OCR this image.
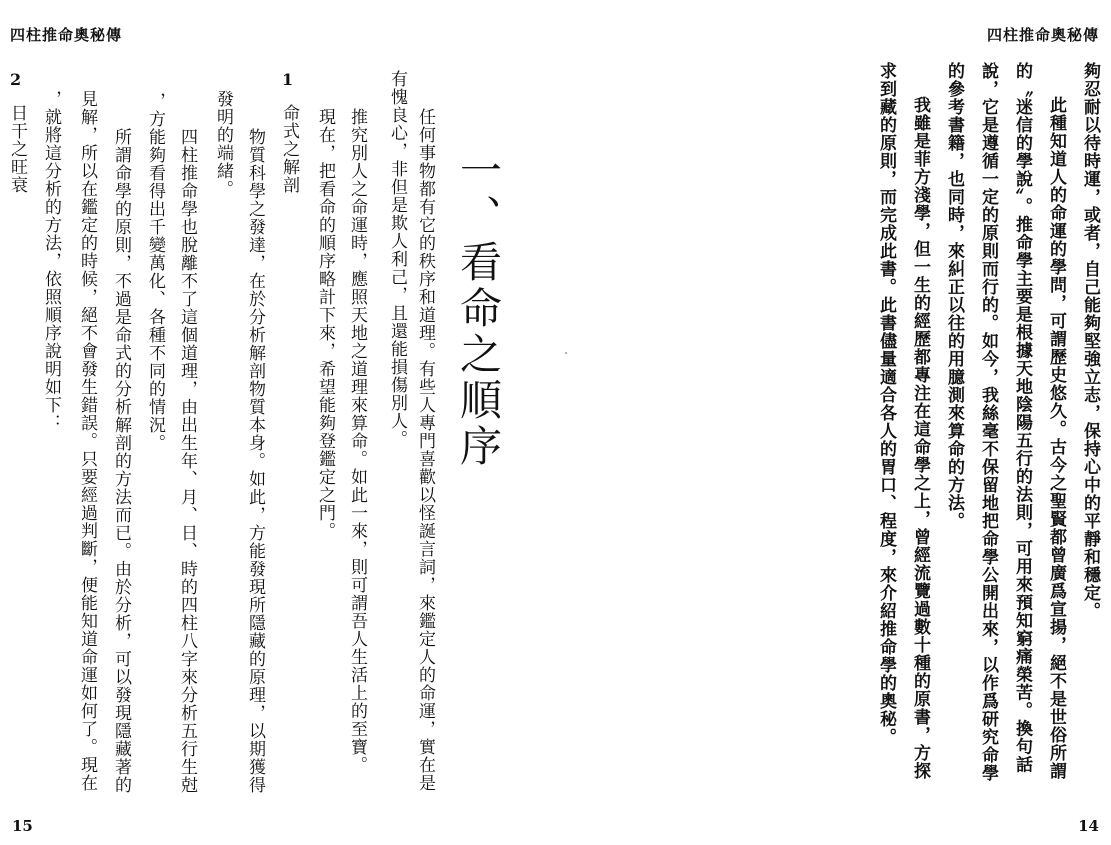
四柱推命奧秘傳
任何事物都有它的秩序和道理。有些人專門喜歡以怪誕言詞，來鑑定人的命運，實在是
有愧良心，非但是欺人利己，且還能損傷別人。
推究別人之命運時，應照天地之道理來算命。如此一來，則可謂吾人生活上的至寶。
現在，把看命的順序略計下來，希望能夠登鑑定之門。	一、看命之順序
1
命式之解剖
物質科學之發達，在於分析解剖物質本身。如此，方能發現所隱藏的原理，以期獲得
發明的端緒。
四柱推命學也脫離不了這個道理，由出生年、月、日、時的四柱八字來分析五行生尅
，方能夠看得出千變萬化、各種不同的情況。
所謂命學的原則，不過是命式的分析解剖的方法而已。由於分析，可以發現隱藏著的
見解，所以在鑑定的時候，絕不會發生錯誤。只要經過判斷，便能知道命運如何了。現在
，就將這分析的方法，依照順序說明如下：
2
日干之旺衰
15
四柱推命奧秘傳
夠忍耐以待時運，或者，自己能夠堅強立志，保持心中的平靜和穩定。
此種知道人的命運的學問，可謂歷史悠久。古今之聖賢都曾廣爲宣揚，絕不是世俗所謂
的〝迷信的學說〞。推命學主要是根據天地陰陽五行的法則，可用來預知窮痛榮苦。換句話
說，它是遵循一定的原則而行的。如今，我絲毫不保留地把命學公開出來，以作爲研究命學
的參考書籍，也同時，來糾正以往的用臆測來算命的方法。
我雖是菲方淺學，但一生的經歷都專注在這命學之上，曾經流覽過數十種的原書，方探
求到藏的原則，而完成此書。此書儘量適合各人的胃口、程度，來介紹推命學的奧秘。
14
